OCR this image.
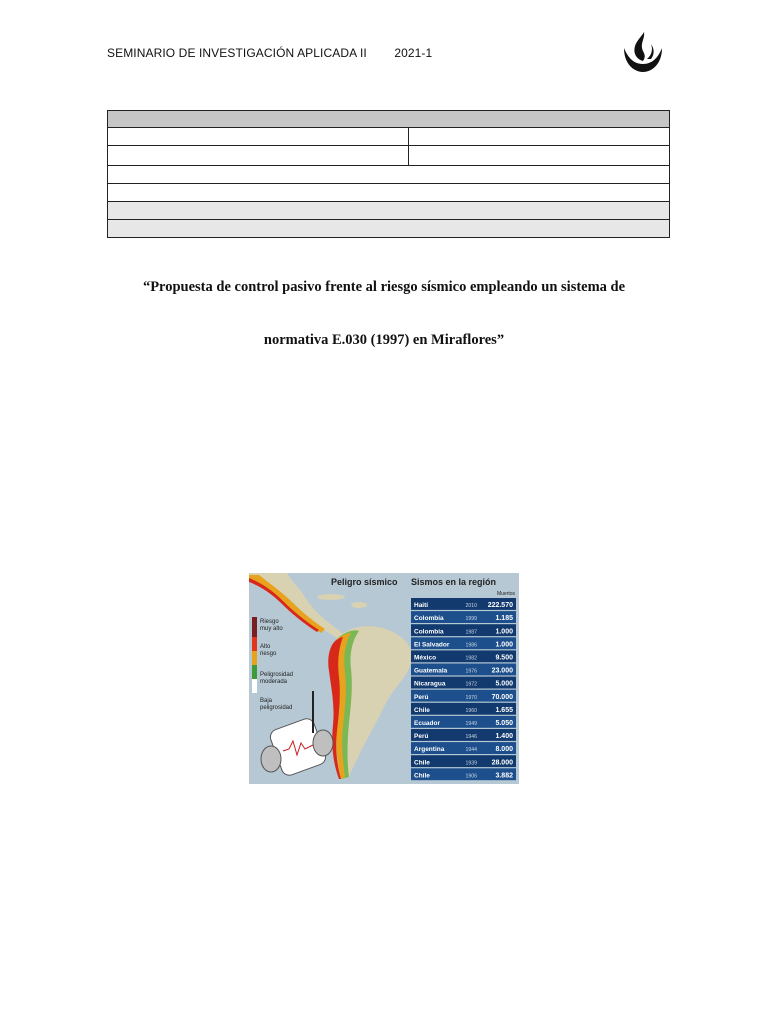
SEMINARIO DE INVESTIGACIÓN APLICADA II 2021-1

“Propuesta de control pasivo frente al riesgo sísmico empleando un sistema de
normativa E.030 (1997) en Miraflores”
Peligro sísmico
Riesgo
muy alto
Alto
riesgo
Peligrosidad
moderada
Baja
peligrosidad
Sismos en la región
Muertos
Haití	2010 222.570
Colombia	1999	1.185
Colombia	1987	1.000
El Salvador	1986	1.000
México	1982	9.500
Guatemala	1976 23.000
Nicaragua	1972	5.000
Perú	1970 70.000
Chile	1960	1.655
Ecuador	1949	5.050
Perú	1946	1.400
Argentina	1944	8.000
Chile	1939 28.000
Chile	1906	3.882
